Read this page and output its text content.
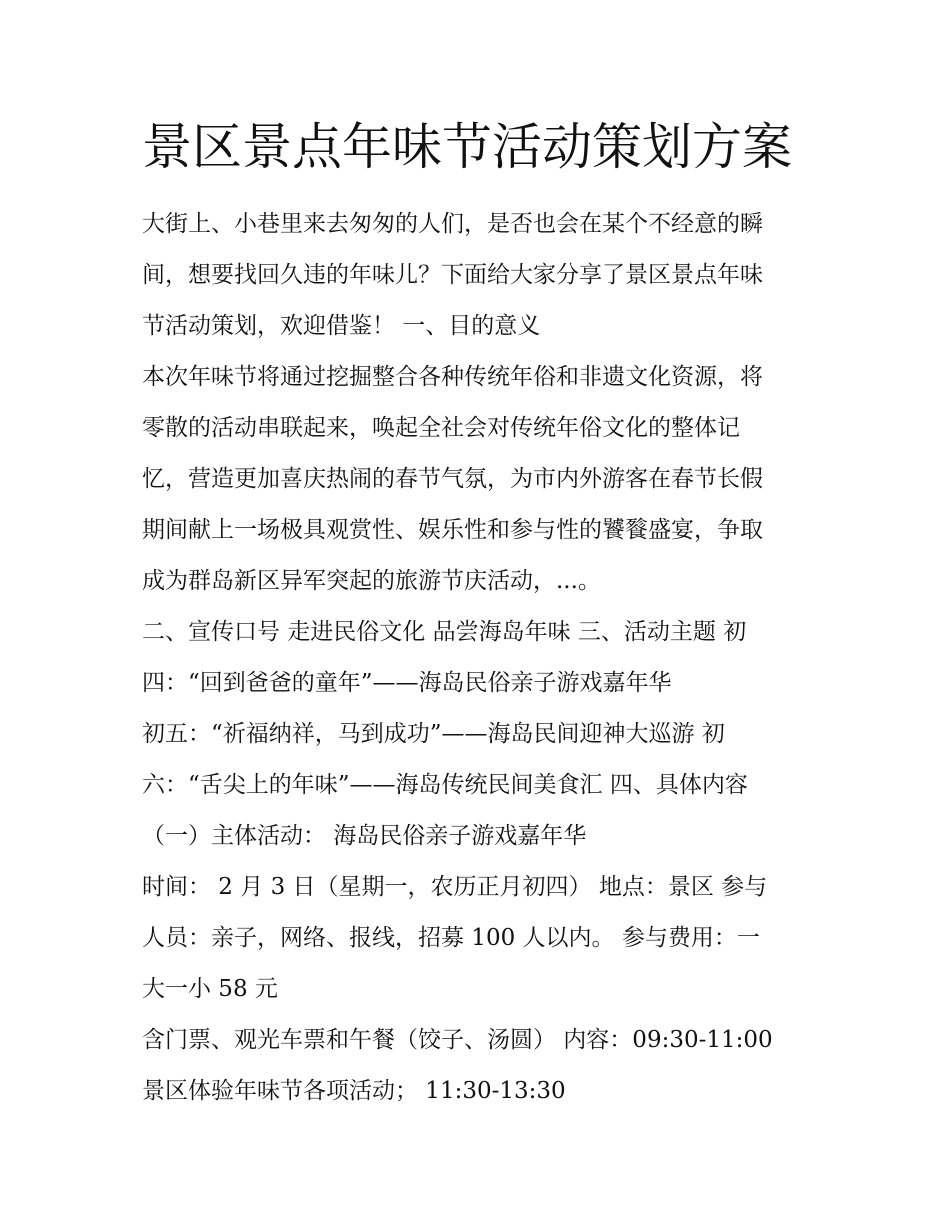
景区景点年味节活动策划方案
大街上、小巷里来去匆匆的人们，是否也会在某个不经意的瞬
间，想要找回久违的年味儿？下面给大家分享了景区景点年味
节活动策划，欢迎借鉴！ 一、目的意义
本次年味节将通过挖掘整合各种传统年俗和非遗文化资源，将
零散的活动串联起来，唤起全社会对传统年俗文化的整体记
忆，营造更加喜庆热闹的春节气氛，为市内外游客在春节长假
期间献上一场极具观赏性、娱乐性和参与性的饕餮盛宴，争取
成为群岛新区异军突起的旅游节庆活动，...。
二、宣传口号 走进民俗文化 品尝海岛年味 三、活动主题 初
四：“回到爸爸的童年”——海岛民俗亲子游戏嘉年华
初五：“祈福纳祥，马到成功”——海岛民间迎神大巡游 初
六：“舌尖上的年味”——海岛传统民间美食汇 四、具体内容
（一）主体活动： 海岛民俗亲子游戏嘉年华
时间： 2 月 3 日（星期一，农历正月初四） 地点：景区 参与
人员：亲子，网络、报线，招募 100 人以内。 参与费用：一
大一小 58 元
含门票、观光车票和午餐（饺子、汤圆） 内容：09:30-11:00
景区体验年味节各项活动； 11:30-13:30
